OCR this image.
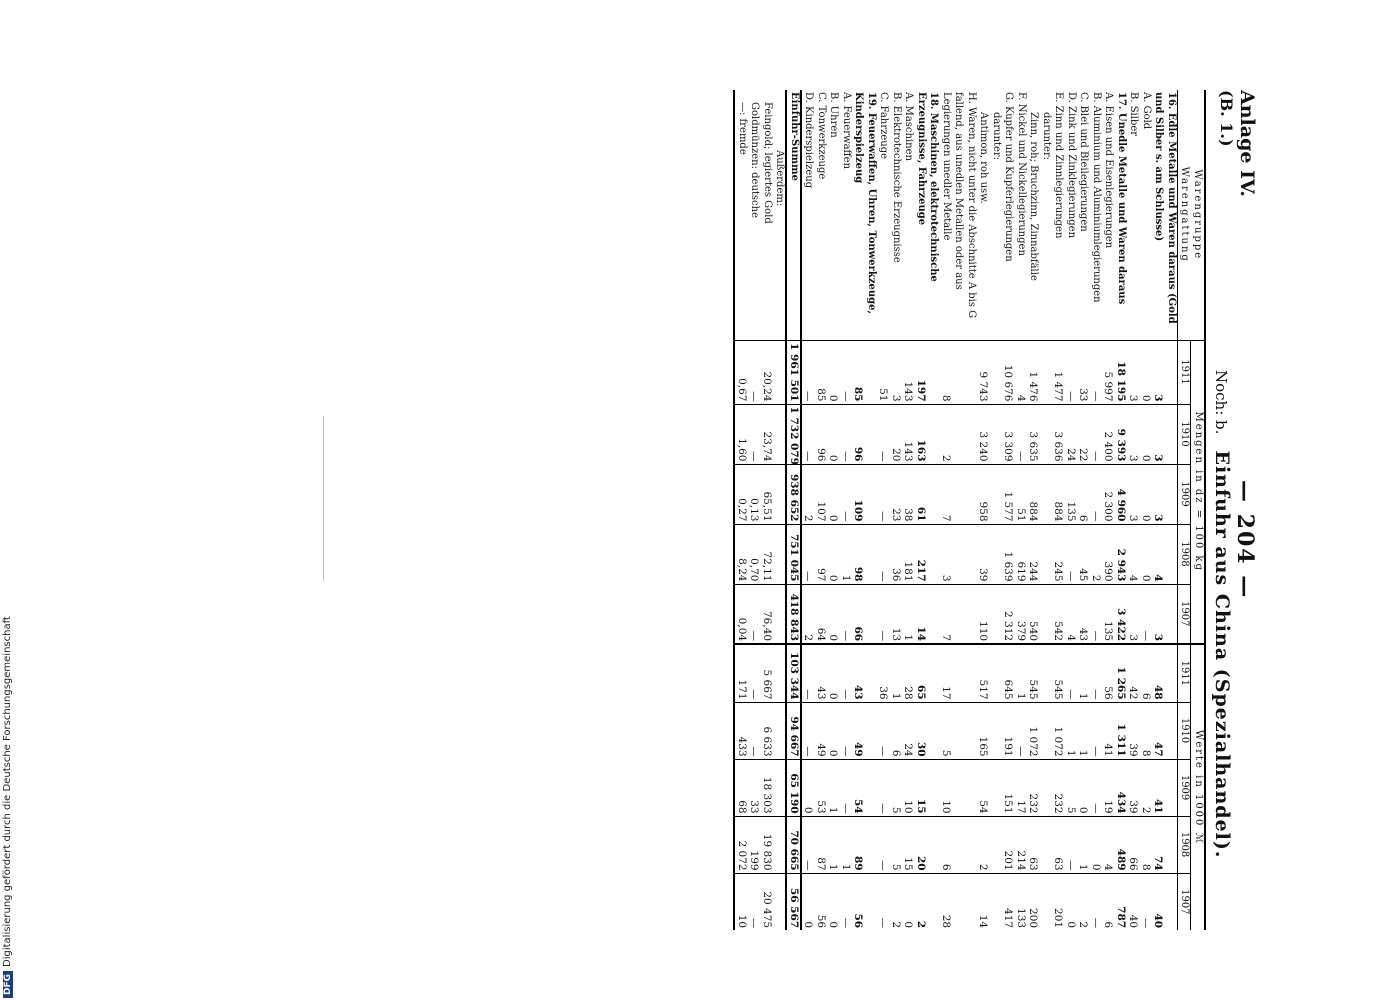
Anlage IV.
(B. 1.)
— 204 —
Noch: b. Einfuhr aus China (Spezialhandel).
Warengruppe
Warengattung	Mengen in dz = 100 kg					Werte in 1000 ℳ				
	1911	1910	1909	1908	1907	1911	1910	1909	1908	1907
16. Edle Metalle und Waren daraus (Gold und Silber s. am Schlusse)	3	3	3	4	3	48	47	41	74	40
A. Gold	0	0	0	0	—	6	8	2	8	—
B. Silber	3	3	3	4	3	42	39	39	66	40
17. Unedle Metalle und Waren daraus	18 195	9 393	4 960	2 943	3 422	1 265	1 311	434	489	787
A. Eisen und Eisenlegierungen	5 997	2 400	2 300	390	135	56	41	19	4	6
B. Aluminium und Aluminiumlegierungen	—	—	—	2	—	—	—	—	0	—
C. Blei und Bleilegierungen	33	22	6	45	43	1	1	0	1	2
D. Zink und Zinklegierungen	—	24	135	—	4	—	1	5	—	0
E. Zinn und Zinnlegierungen	1 477	3 636	884	245	542	545	1 072	232	63	201
darunter:										
Zinn, roh; Bruchzinn, Zinnabfälle	1 476	3 635	884	244	540	545	1 072	232	63	200
F. Nickel und Nickellegierungen	4	—	51	619	379	1	—	17	214	133
G. Kupfer und Kupferlegierungen	10 676	3 309	1 577	1 639	2 312	645	191	151	201	417
darunter:										
Antimon, roh usw.	9 743	3 240	958	39	110	517	165	54	2	14
H. Waren, nicht unter die Abschnitte A bis G fallend, aus unedlen Metallen oder aus Legierungen unedler Metalle	8	2	7	3	7	17	5	10	6	28
18. Maschinen, elektrotechnische Erzeugnisse, Fahrzeuge	197	163	61	217	14	65	30	15	20	2
A. Maschinen	143	143	38	181	1	28	24	10	15	0
B. Elektrotechnische Erzeugnisse	3	20	23	36	13	1	6	5	5	2
C. Fahrzeuge	51	—	—	—	—	36	—	—	—	—
19. Feuerwaffen, Uhren, Tonwerkzeuge, Kinderspielzeug	85	96	109	98	66	43	49	54	89	56
A. Feuerwaffen	—	—	—	1	—	—	—	—	1	—
B. Uhren	0	0	0	0	0	0	0	1	1	0
C. Tonwerkzeuge	85	96	107	97	64	43	49	53	87	56
D. Kinderspielzeug	—	—	2	—	2	—	—	0	—	0
Einfuhr-Summe	1 961 501	1 732 079	938 652	751 045	418 843	103 344	94 667	65 190	70 665	56 567
Außerdem:										
Feingold; legiertes Gold	20,24	23,74	65,51	72,11	76,40	5 667	6 633	18 303	19 830	20 475
Goldmünzen: deutsche	—	—	0,13	0,70	—	—	—	33	199	—
—: fremde	0,67	1,60	0,27	8,24	0,04	171	433	68	2 072	10
DFGDigitalisierung gefördert durch die Deutsche Forschungsgemeinschaft
